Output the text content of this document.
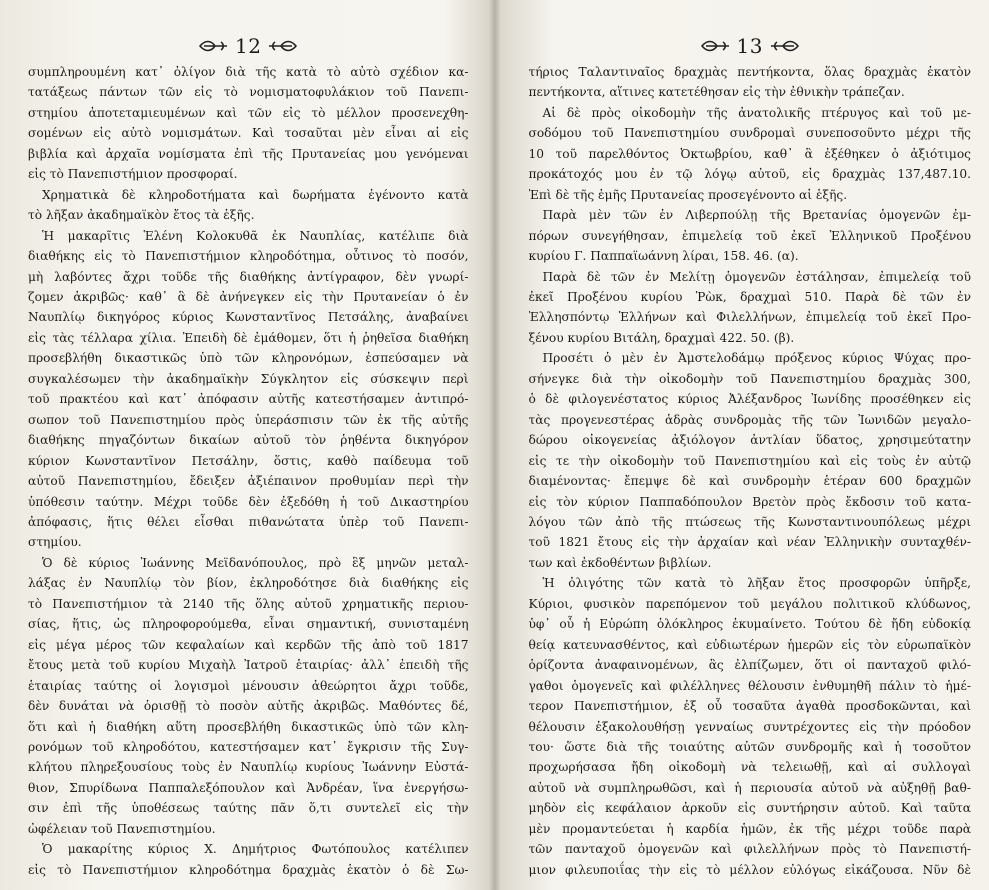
12
συμπληρουμένη κατ᾽ ὀλίγον διὰ τῆς κατὰ τὸ αὐτὸ σχέδιον κα-
τατάξεως πάντων τῶν εἰς τὸ νομισματοφυλάκιον τοῦ Πανεπι-
στημίου ἀποτεταμιευμένων καὶ τῶν εἰς τὸ μέλλον προσενεχθη-
σομένων εἰς αὐτὸ νομισμάτων. Καὶ τοσαῦται μὲν εἶναι αἱ εἰς
βιβλία καὶ ἀρχαῖα νομίσματα ἐπὶ τῆς Πρυτανείας μου γενόμεναι
εἰς τὸ Πανεπιστήμιον προσφοραί.
Χρηματικὰ δὲ κληροδοτήματα καὶ δωρήματα ἐγένοντο κατὰ
τὸ λῆξαν ἀκαδημαϊκὸν ἔτος τὰ ἑξῆς.
Ἡ μακαρῖτις Ἑλένη Κολοκυθᾶ ἐκ Ναυπλίας, κατέλιπε διὰ
διαθήκης εἰς τὸ Πανεπιστήμιον κληροδότημα, οὗτινος τὸ ποσόν,
μὴ λαβόντες ἄχρι τοῦδε τῆς διαθήκης ἀντίγραφον, δὲν γνωρί-
ζομεν ἀκριβῶς· καθ᾽ ἃ δὲ ἀνήνεγκεν εἰς τὴν Πρυτανείαν ὁ ἐν
Ναυπλίῳ δικηγόρος κύριος Κωνσταντῖνος Πετσάλης, ἀναβαίνει
εἰς τὰς τέλλαρα χίλια. Ἐπειδὴ δὲ ἐμάθομεν, ὅτι ἡ ῥηθεῖσα διαθήκη
προσεβλήθη δικαστικῶς ὑπὸ τῶν κληρονόμων, ἐσπεύσαμεν νὰ
συγκαλέσωμεν τὴν ἀκαδημαϊκὴν Σύγκλητον εἰς σύσκεψιν περὶ
τοῦ πρακτέου καὶ κατ᾽ ἀπόφασιν αὐτῆς κατεστήσαμεν ἀντιπρό-
σωπον τοῦ Πανεπιστημίου πρὸς ὑπεράσπισιν τῶν ἐκ τῆς αὐτῆς
διαθήκης πηγαζόντων δικαίων αὐτοῦ τὸν ῥηθέντα δικηγόρον
κύριον Κωνσταντῖνον Πετσάλην, ὅστις, καθὸ παίδευμα τοῦ
αὐτοῦ Πανεπιστημίου, ἔδειξεν ἀξιέπαινον προθυμίαν περὶ τὴν
ὑπόθεσιν ταύτην. Μέχρι τοῦδε δὲν ἐξεδόθη ἡ τοῦ Δικαστηρίου
ἀπόφασις, ἥτις θέλει εἶσθαι πιθανώτατα ὑπὲρ τοῦ Πανεπι-
στημίου.
Ὁ δὲ κύριος Ἰωάννης Μεϊδανόπουλος, πρὸ ἓξ μηνῶν μεταλ-
λάξας ἐν Ναυπλίῳ τὸν βίον, ἐκληροδότησε διὰ διαθήκης εἰς
τὸ Πανεπιστήμιον τὰ 2140 τῆς ὅλης αὐτοῦ χρηματικῆς περιου-
σίας, ἥτις, ὡς πληροφορούμεθα, εἶναι σημαντική, συνισταμένη
εἰς μέγα μέρος τῶν κεφαλαίων καὶ κερδῶν τῆς ἀπὸ τοῦ 1817
ἔτους μετὰ τοῦ κυρίου Μιχαὴλ Ἰατροῦ ἑταιρίας· ἀλλ᾽ ἐπειδὴ τῆς
ἑταιρίας ταύτης οἱ λογισμοὶ μένουσιν ἀθεώρητοι ἄχρι τοῦδε,
δὲν δυνάται νὰ ὁρισθῇ τὸ ποσὸν αὐτῆς ἀκριβῶς. Μαθόντες δέ,
ὅτι καὶ ἡ διαθήκη αὕτη προσεβλήθη δικαστικῶς ὑπὸ τῶν κλη-
ρονόμων τοῦ κληροδότου, κατεστήσαμεν κατ᾽ ἔγκρισιν τῆς Συγ-
κλήτου πληρεξουσίους τοὺς ἐν Ναυπλίῳ κυρίους Ἰωάννην Εὐστά-
θιον, Σπυρίδωνα Παππαλεξόπουλον καὶ Ἀνδρέαν, ἵνα ἐνεργήσω-
σιν ἐπὶ τῆς ὑποθέσεως ταύτης πᾶν ὅ,τι συντελεῖ εἰς τὴν
ὠφέλειαν τοῦ Πανεπιστημίου.
Ὁ μακαρίτης κύριος Χ. Δημήτριος Φωτόπουλος κατέλιπεν
εἰς τὸ Πανεπιστήμιον κληροδότημα δραχμὰς ἑκατὸν ὁ δὲ Σω-
13
τήριος Ταλαντιναῖος δραχμὰς πεντήκοντα, ὅλας δραχμὰς ἑκατὸν
πεντήκοντα, αἵτινες κατετέθησαν εἰς τὴν ἐθνικὴν τράπεζαν.
Αἱ δὲ πρὸς οἰκοδομὴν τῆς ἀνατολικῆς πτέρυγος καὶ τοῦ με-
σοδόμου τοῦ Πανεπιστημίου συνδρομαὶ συνεποσοῦντο μέχρι τῆς
10 τοῦ παρελθόντος Ὀκτωβρίου, καθ᾽ ἃ ἐξέθηκεν ὁ ἀξιότιμος
προκάτοχός μου ἐν τῷ λόγῳ αὐτοῦ, εἰς δραχμὰς 137,487.10.
Ἐπὶ δὲ τῆς ἐμῆς Πρυτανείας προσεγένοντο αἱ ἑξῆς.
Παρὰ μὲν τῶν ἐν Λιβερπούλῃ τῆς Βρετανίας ὁμογενῶν ἐμ-
πόρων συνεγήθησαν, ἐπιμελείᾳ τοῦ ἐκεῖ Ἑλληνικοῦ Προξένου
κυρίου Γ. Παππαϊωάννη λίραι, 158. 46. (α).
Παρὰ δὲ τῶν ἐν Μελίτῃ ὁμογενῶν ἐστάλησαν, ἐπιμελείᾳ τοῦ
ἐκεῖ Προξένου κυρίου Ῥὼκ, δραχμαὶ 510. Παρὰ δὲ τῶν ἐν
Ἑλλησπόντῳ Ἑλλήνων καὶ Φιλελλήνων, ἐπιμελείᾳ τοῦ ἐκεῖ Προ-
ξένου κυρίου Βιτάλη, δραχμαὶ 422. 50. (β).
Προσέτι ὁ μὲν ἐν Ἀμστελοδάμῳ πρόξενος κύριος Ψύχας προ-
σήνεγκε διὰ τὴν οἰκοδομὴν τοῦ Πανεπιστημίου δραχμὰς 300,
ὁ δὲ φιλογενέστατος κύριος Ἀλέξανδρος Ἰωνίδης προσέθηκεν εἰς
τὰς προγενεστέρας ἁδρὰς συνδρομὰς τῆς τῶν Ἰωνιδῶν μεγαλο-
δώρου οἰκογενείας ἀξιόλογον ἀντλίαν ὕδατος, χρησιμεύτατην
εἰς τε τὴν οἰκοδομὴν τοῦ Πανεπιστημίου καὶ εἰς τοὺς ἐν αὐτῷ
διαμένοντας· ἔπεμψε δὲ καὶ συνδρομὴν ἑτέραν 600 δραχμῶν
εἰς τὸν κύριον Παππαδόπουλον Βρετὸν πρὸς ἔκδοσιν τοῦ κατα-
λόγου τῶν ἀπὸ τῆς πτώσεως τῆς Κωνσταντινουπόλεως μέχρι
τοῦ 1821 ἔτους εἰς τὴν ἀρχαίαν καὶ νέαν Ἑλληνικὴν συνταχθέν-
των καὶ ἐκδοθέντων βιβλίων.
Ἡ ὀλιγότης τῶν κατὰ τὸ λῆξαν ἔτος προσφορῶν ὑπῆρξε,
Κύριοι, φυσικὸν παρεπόμενον τοῦ μεγάλου πολιτικοῦ κλύδωνος,
ὑφ᾽ οὗ ἡ Εὐρώπη ὁλόκληρος ἐκυμαίνετο. Τούτου δὲ ἤδη εὐδοκίᾳ
θείᾳ κατευνασθέντος, καὶ εὐδιωτέρων ἡμερῶν εἰς τὸν εὐρωπαϊκὸν
ὁρίζοντα ἀναφαινομένων, ἂς ἐλπίζωμεν, ὅτι οἱ πανταχοῦ φιλό-
γαθοι ὁμογενεῖς καὶ φιλέλληνες θέλουσιν ἐνθυμηθῆ πάλιν τὸ ἡμέ-
τερον Πανεπιστήμιον, ἐξ οὗ τοσαῦτα ἀγαθὰ προσδοκῶνται, καὶ
θέλουσιν ἐξακολουθήσῃ γενναίως συντρέχοντες εἰς τὴν πρόοδον
του· ὥστε διὰ τῆς τοιαύτης αὐτῶν συνδρομῆς καὶ ἡ τοσοῦτον
προχωρήσασα ἤδη οἰκοδομὴ νὰ τελειωθῇ, καὶ αἱ συλλογαὶ
αὐτοῦ νὰ συμπληρωθῶσι, καὶ ἡ περιουσία αὐτοῦ νὰ αὐξηθῇ βαθ-
μηδὸν εἰς κεφάλαιον ἀρκοῦν εἰς συντήρησιν αὐτοῦ. Καὶ ταῦτα
μὲν προμαντεύεται ἡ καρδία ἡμῶν, ἐκ τῆς μέχρι τοῦδε παρὰ
τῶν πανταχοῦ ὁμογενῶν καὶ φιλελλήνων πρὸς τὸ Πανεπιστή-
μιον φιλευποιΐας τὴν εἰς τὸ μέλλον εὐλόγως εἰκάζουσα. Νῦν δὲ
